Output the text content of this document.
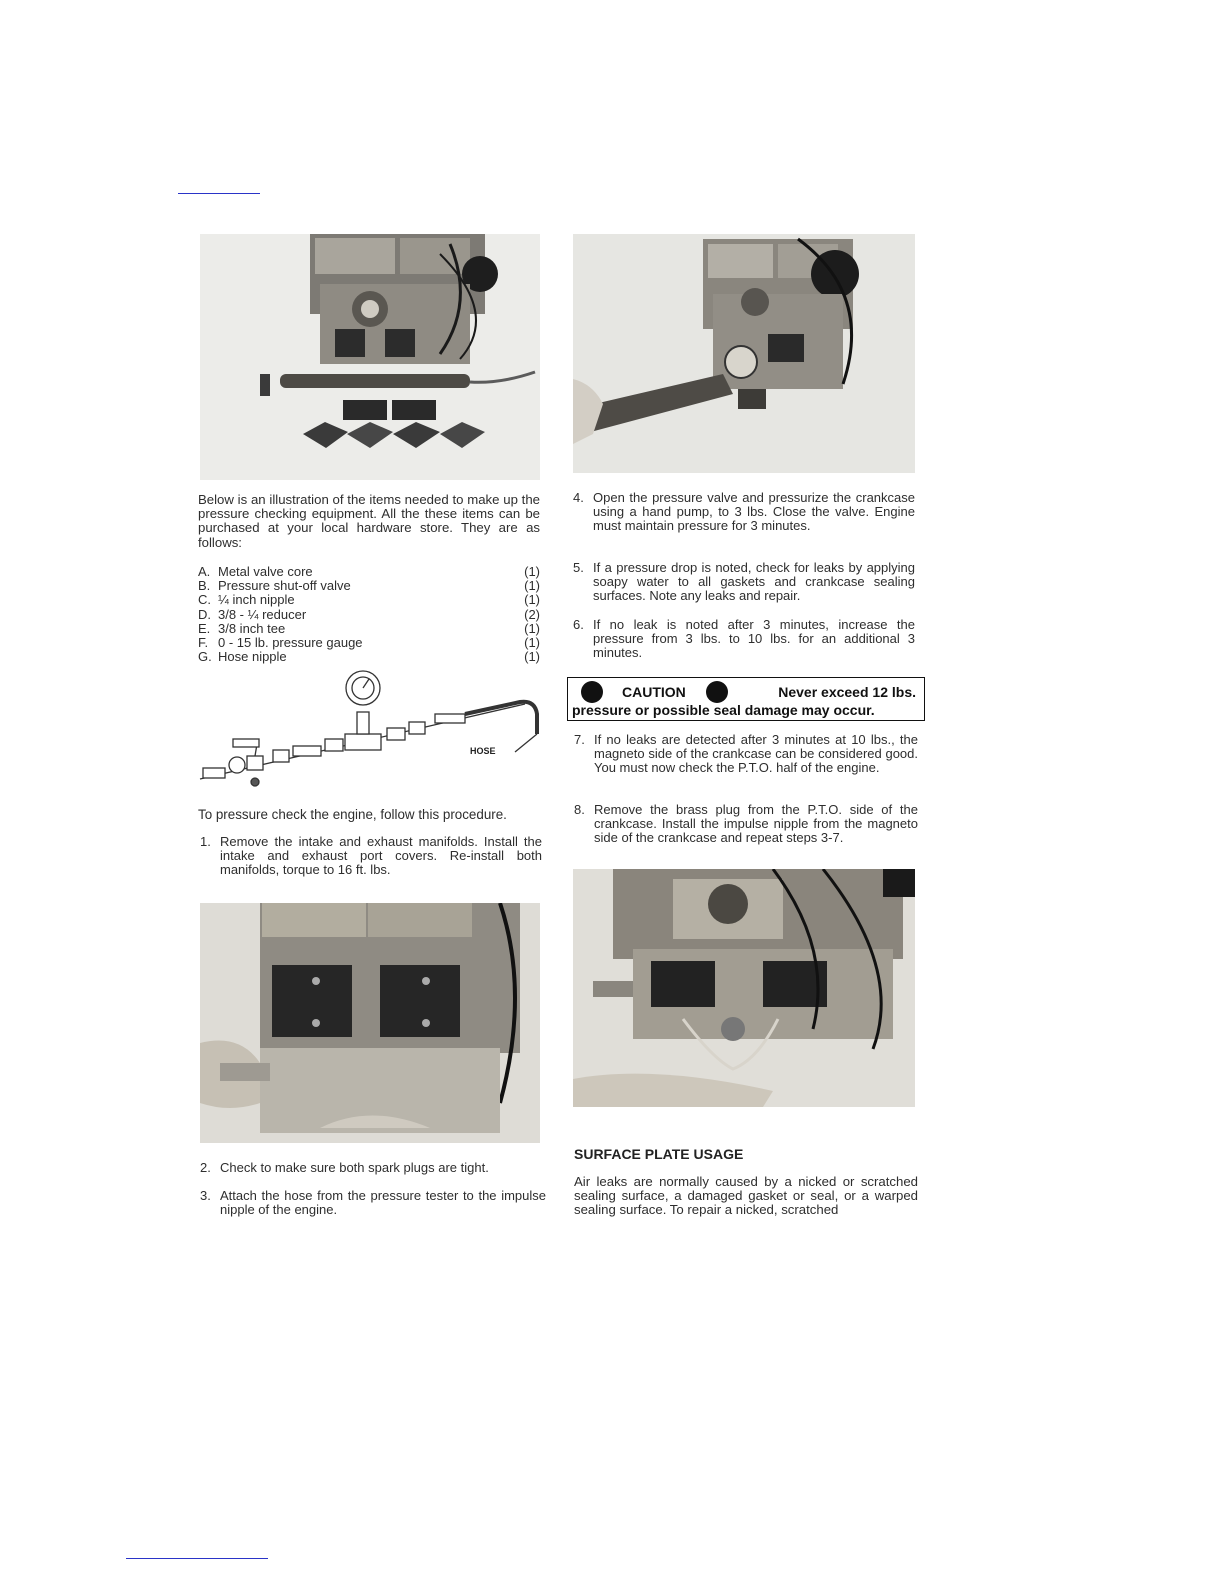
Below is an illustration of the items needed to make up the pressure checking equipment. All the these items can be purchased at your local hardware store. They are as follows:

A. Metal valve core	(1)
B. Pressure shut-off valve	(1)
C. ¼ inch nipple	(1)
D. 3/8 - ¼ reducer	(2)
E. 3/8 inch tee	(1)
F. 0 - 15 lb. pressure gauge	(1)
G. Hose nipple	(1)
HOSE
To pressure check the engine, follow this procedure.
1. Remove the intake and exhaust manifolds. Install the intake and exhaust port covers. Re-install both manifolds, torque to 16 ft. lbs.
2. Check to make sure both spark plugs are tight.
3. Attach the hose from the pressure tester to the impulse nipple of the engine.
4. Open the pressure valve and pressurize the crankcase using a hand pump, to 3 lbs. Close the valve. Engine must maintain pressure for 3 minutes.
5. If a pressure drop is noted, check for leaks by applying soapy water to all gaskets and crankcase sealing surfaces. Note any leaks and repair.
6. If no leak is noted after 3 minutes, increase the pressure from 3 lbs. to 10 lbs. for an additional 3 minutes.
CAUTION	Never exceed 12 lbs.
pressure or possible seal damage may occur.
7. If no leaks are detected after 3 minutes at 10 lbs., the magneto side of the crankcase can be considered good. You must now check the P.T.O. half of the engine.
8. Remove the brass plug from the P.T.O. side of the crankcase. Install the impulse nipple from the magneto side of the crankcase and repeat steps 3-7.
SURFACE PLATE USAGE

Air leaks are normally caused by a nicked or scratched sealing surface, a damaged gasket or seal, or a warped sealing surface. To repair a nicked, scratched
